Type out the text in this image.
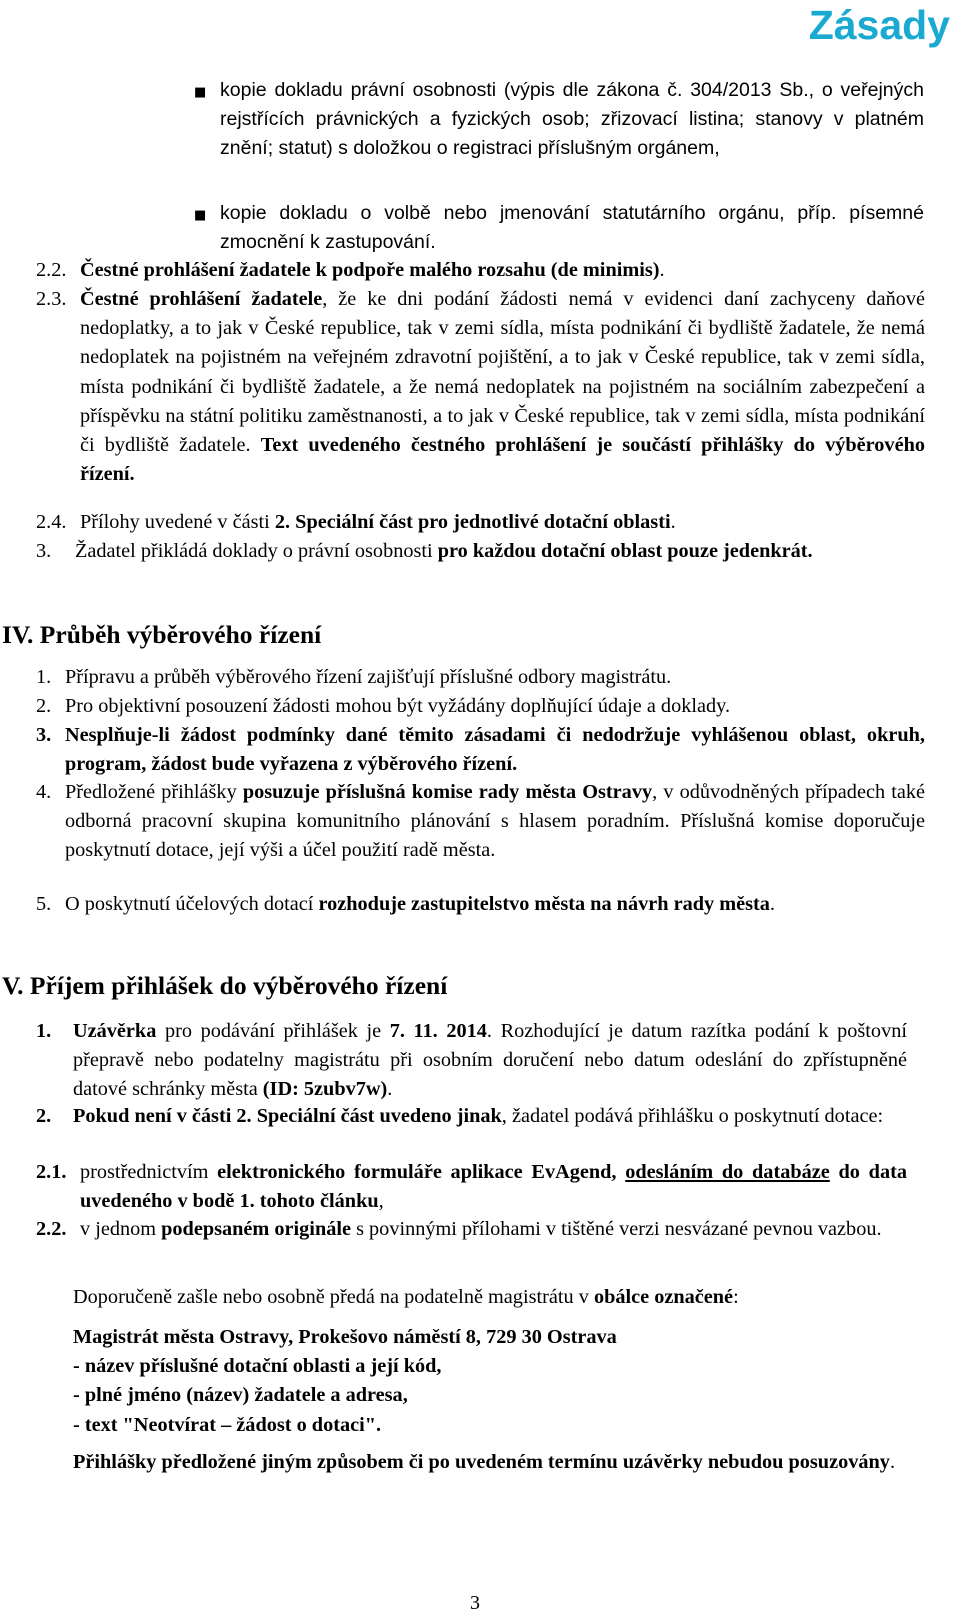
Zásady
■ kopie dokladu právní osobnosti (výpis dle zákona č. 304/2013 Sb., o veřejných rejstřících právnických a fyzických osob; zřizovací listina; stanovy v platném znění; statut) s doložkou o registraci příslušným orgánem,

■ kopie dokladu o volbě nebo jmenování statutárního orgánu, příp. písemné zmocnění k zastupování.

2.2. Čestné prohlášení žadatele k podpoře malého rozsahu (de minimis).

2.3. Čestné prohlášení žadatele, že ke dni podání žádosti nemá v evidenci daní zachyceny daňové nedoplatky, a to jak v České republice, tak v zemi sídla, místa podnikání či bydliště žadatele, že nemá nedoplatek na pojistném na veřejném zdravotní pojištění, a to jak v České republice, tak v zemi sídla, místa podnikání či bydliště žadatele, a že nemá nedoplatek na pojistném na sociálním zabezpečení a příspěvku na státní politiku zaměstnanosti, a to jak v České republice, tak v zemi sídla, místa podnikání či bydliště žadatele. Text uvedeného čestného prohlášení je součástí přihlášky do výběrového řízení.

2.4. Přílohy uvedené v části 2. Speciální část pro jednotlivé dotační oblasti.

3. Žadatel přikládá doklady o právní osobnosti pro každou dotační oblast pouze jedenkrát.

IV. Průběh výběrového řízení
1. Přípravu a průběh výběrového řízení zajišťují příslušné odbory magistrátu.

2. Pro objektivní posouzení žádosti mohou být vyžádány doplňující údaje a doklady.

3. Nesplňuje-li žádost podmínky dané těmito zásadami či nedodržuje vyhlášenou oblast, okruh, program, žádost bude vyřazena z výběrového řízení.

4. Předložené přihlášky posuzuje příslušná komise rady města Ostravy, v odůvodněných případech také odborná pracovní skupina komunitního plánování s hlasem poradním. Příslušná komise doporučuje poskytnutí dotace, její výši a účel použití radě města.

5. O poskytnutí účelových dotací rozhoduje zastupitelstvo města na návrh rady města.

V. Příjem přihlášek do výběrového řízení
1. Uzávěrka pro podávání přihlášek je 7. 11. 2014. Rozhodující je datum razítka podání k poštovní přepravě nebo podatelny magistrátu při osobním doručení nebo datum odeslání do zpřístupněné datové schránky města (ID: 5zubv7w).

2. Pokud není v části 2. Speciální část uvedeno jinak, žadatel podává přihlášku o poskytnutí dotace:

2.1. prostřednictvím elektronického formuláře aplikace EvAgend, odesláním do databáze do data uvedeného v bodě 1. tohoto článku,

2.2. v jednom podepsaném originále s povinnými přílohami v tištěné verzi nesvázané pevnou vazbou.

Doporučeně zašle nebo osobně předá na podatelně magistrátu v obálce označené:

Magistrát města Ostravy, Prokešovo náměstí 8, 729 30 Ostrava
- název příslušné dotační oblasti a její kód,
- plné jméno (název) žadatele a adresa,
- text "Neotvírat – žádost o dotaci".

Přihlášky předložené jiným způsobem či po uvedeném termínu uzávěrky nebudou posuzovány.

3
